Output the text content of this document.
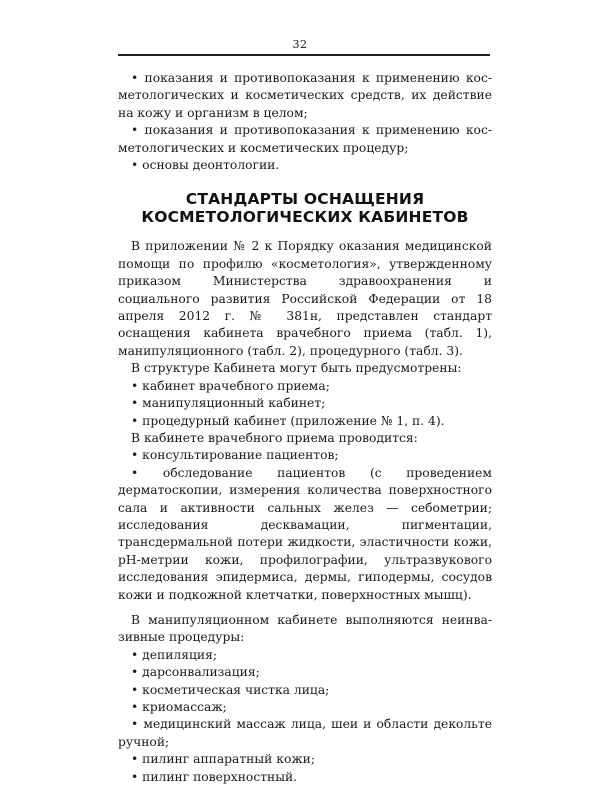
32

• показания и противопоказания к применению косметологических и косметических средств, их действие на кожу и организм в целом;

• показания и противопоказания к применению косметологических и косметических процедур;

• основы деонтологии.

СТАНДАРТЫ ОСНАЩЕНИЯ
КОСМЕТОЛОГИЧЕСКИХ КАБИНЕТОВ

В приложении № 2 к Порядку оказания медицинской помощи по профилю «косметология», утвержденному приказом Министерства здравоохранения и социального развития Российской Федерации от 18 апреля 2012 г. № 381н, представлен стандарт оснащения кабинета врачебного приема (табл. 1), манипуляционного (табл. 2), процедурного (табл. 3).

В структуре Кабинета могут быть предусмотрены:

• кабинет врачебного приема;

• манипуляционный кабинет;

• процедурный кабинет (приложение № 1, п. 4).

В кабинете врачебного приема проводится:

• консультирование пациентов;

• обследование пациентов (с проведением дерматоскопии, измерения количества поверхностного сала и активности сальных желез — себометрии; исследования десквамации, пигментации, трансдермальной потери жидкости, эластичности кожи, pH-метрии кожи, профилографии, ультразвукового исследования эпидермиса, дермы, гиподермы, сосудов кожи и подкожной клетчатки, поверхностных мышц).

В манипуляционном кабинете выполняются неинвазивные процедуры:

• депиляция;

• дарсонвализация;

• косметическая чистка лица;

• криомассаж;

• медицинский массаж лица, шеи и области декольте ручной;

• пилинг аппаратный кожи;

• пилинг поверхностный.
